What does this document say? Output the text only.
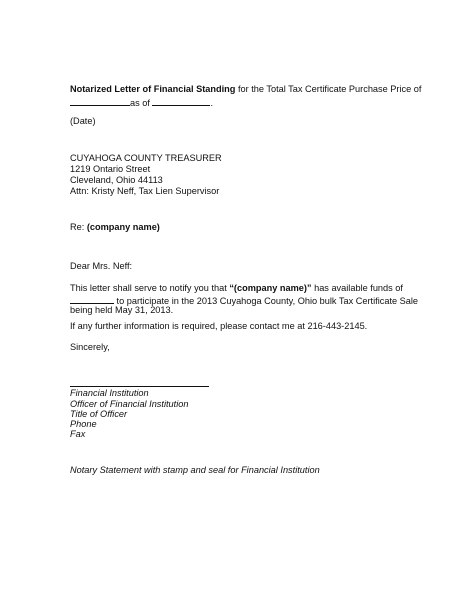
Notarized Letter of Financial Standing for the Total Tax Certificate Purchase Price of
as of	.
(Date)
CUYAHOGA COUNTY TREASURER
1219 Ontario Street
Cleveland, Ohio 44113
Attn: Kristy Neff, Tax Lien Supervisor
Re: (company name)
Dear Mrs. Neff:
This letter shall serve to notify you that “(company name)” has available funds of
to participate in the 2013 Cuyahoga County, Ohio bulk Tax Certificate Sale
being held May 31, 2013.
If any further information is required, please contact me at 216-443-2145.
Sincerely,
Financial Institution
Officer of Financial Institution
Title of Officer
Phone
Fax
Notary Statement with stamp and seal for Financial Institution
